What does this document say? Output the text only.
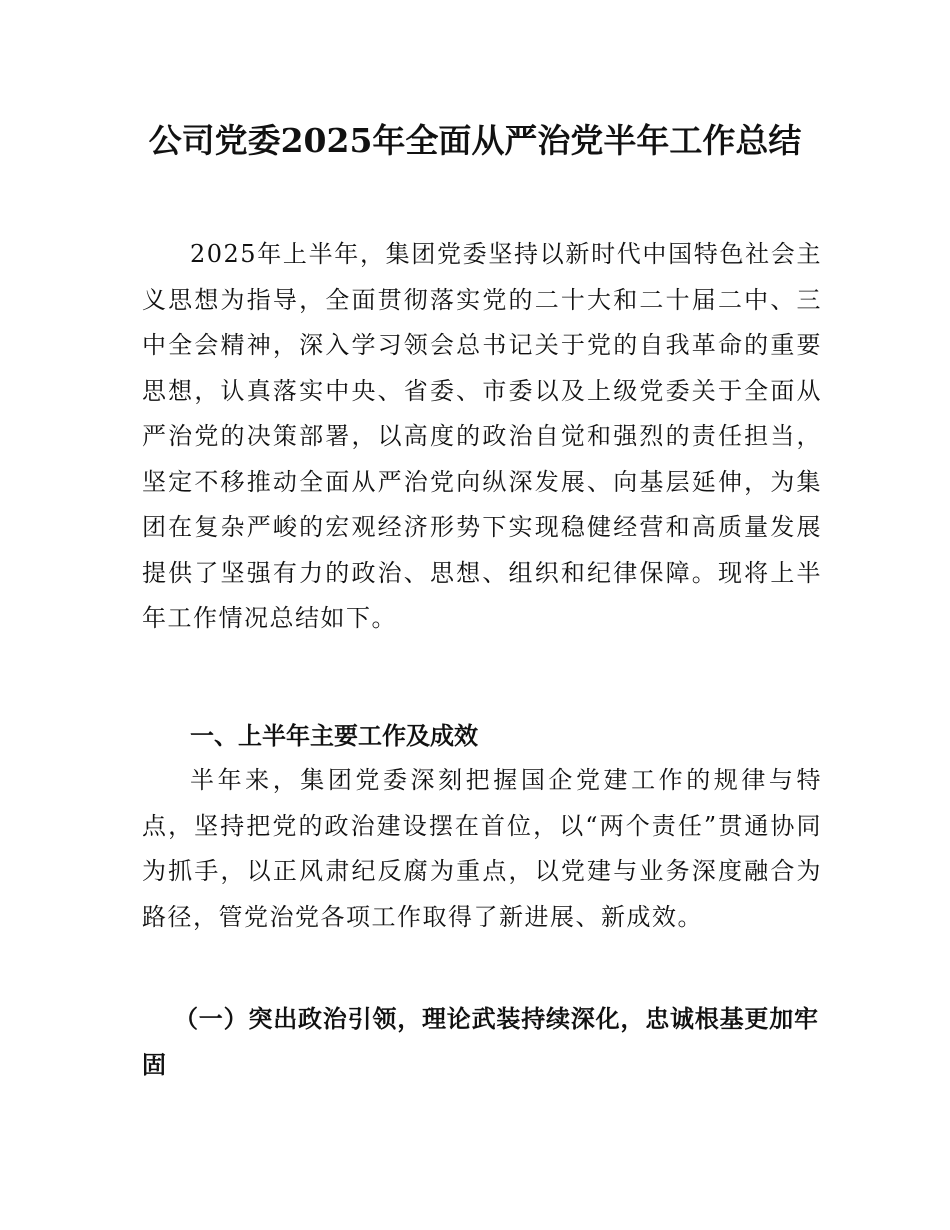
公司党委2025年全面从严治党半年工作总结

2025年上半年，集团党委坚持以新时代中国特色社会主义思想为指导，全面贯彻落实党的二十大和二十届二中、三中全会精神，深入学习领会总书记关于党的自我革命的重要思想，认真落实中央、省委、市委以及上级党委关于全面从严治党的决策部署，以高度的政治自觉和强烈的责任担当，坚定不移推动全面从严治党向纵深发展、向基层延伸，为集团在复杂严峻的宏观经济形势下实现稳健经营和高质量发展提供了坚强有力的政治、思想、组织和纪律保障。现将上半年工作情况总结如下。

一、上半年主要工作及成效

半年来，集团党委深刻把握国企党建工作的规律与特点，坚持把党的政治建设摆在首位，以“两个责任”贯通协同为抓手，以正风肃纪反腐为重点，以党建与业务深度融合为路径，管党治党各项工作取得了新进展、新成效。

（一）突出政治引领，理论武装持续深化，忠诚根基更加牢固
